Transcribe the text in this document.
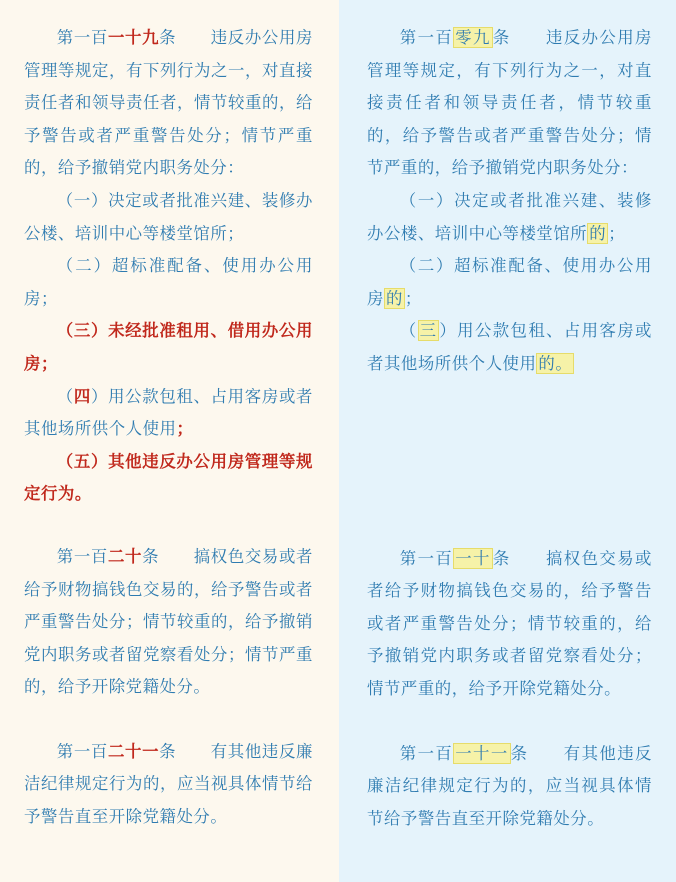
第一百一十九条 违反办公用房管理等规定，有下列行为之一，对直接责任者和领导责任者，情节较重的，给予警告或者严重警告处分；情节严重的，给予撤销党内职务处分：

（一）决定或者批准兴建、装修办公楼、培训中心等楼堂馆所；

（二）超标准配备、使用办公用房；

（三）未经批准租用、借用办公用房；

（四）用公款包租、占用客房或者其他场所供个人使用；

（五）其他违反办公用房管理等规定行为。

第一百二十条 搞权色交易或者给予财物搞钱色交易的，给予警告或者严重警告处分；情节较重的，给予撤销党内职务或者留党察看处分；情节严重的，给予开除党籍处分。

第一百二十一条 有其他违反廉洁纪律规定行为的，应当视具体情节给予警告直至开除党籍处分。

第一百 零九 条 违反办公用房管理等规定，有下列行为之一，对直接责任者和领导责任者，情节较重的，给予警告或者严重警告处分；情节严重的，给予撤销党内职务处分：

（一）决定或者批准兴建、装修办公楼、培训中心等楼堂馆所 的 ；

（二）超标准配备、使用办公用房 的 ；

（ 三 ）用公款包租、占用客房或者其他场所供个人使用 的。

第一百 一十 条 搞权色交易或者给予财物搞钱色交易的，给予警告或者严重警告处分；情节较重的，给予撤销党内职务或者留党察看处分；情节严重的，给予开除党籍处分。

第一百 一十一 条 有其他违反廉洁纪律规定行为的，应当视具体情节给予警告直至开除党籍处分。
